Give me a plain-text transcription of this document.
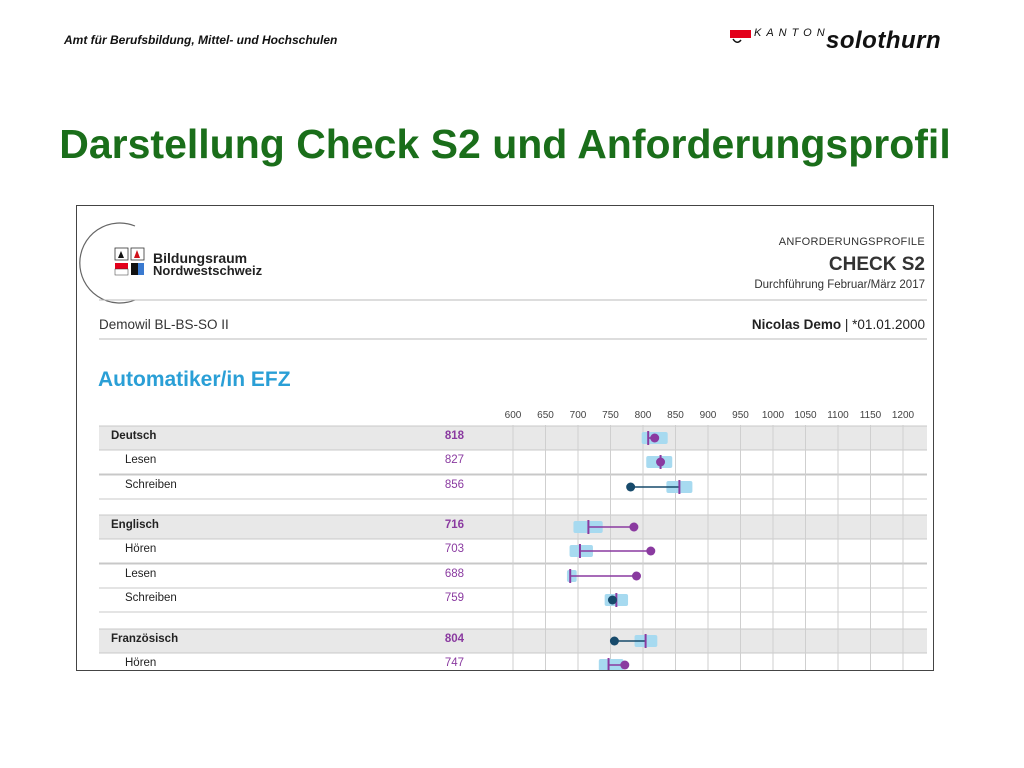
Amt für Berufsbildung, Mittel- und Hochschulen	KANTON
solothurn
Darstellung Check S2 und Anforderungsprofil
Bildungsraum
Nordwestschweiz
ANFORDERUNGSPROFILE
CHECK S2
Durchführung Februar/März 2017
Demowil BL-BS-SO II	Nicolas Demo | *01.01.2000
Automatiker/in EFZ
600	650	700	750	800	850	900	950	1000	1050	1100	1150	1200
Deutsch	818
Lesen	827
Schreiben	856
Englisch	716
Hören	703
Lesen	688
Schreiben	759
Französisch	804
Hören	747
